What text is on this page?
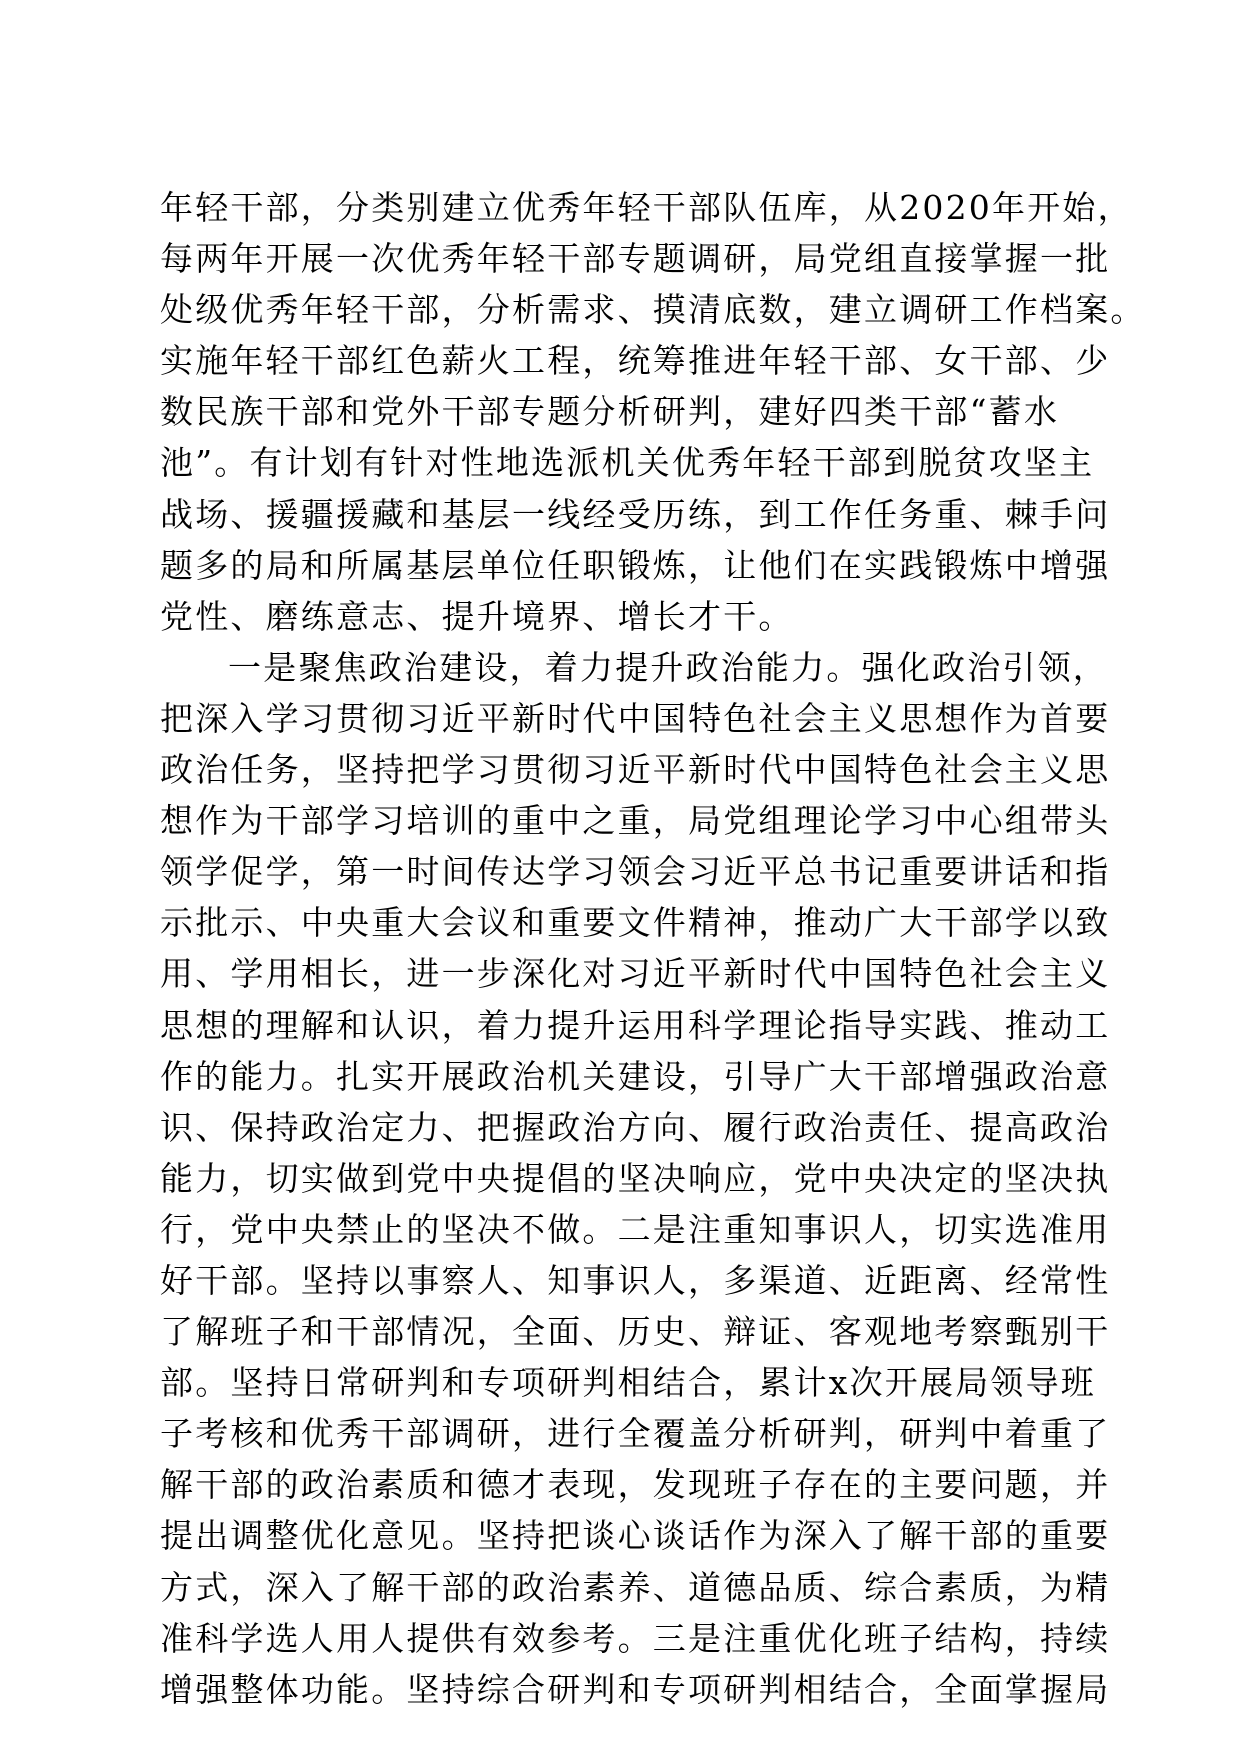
年轻干部，分类别建立优秀年轻干部队伍库，从2020年开始，
每两年开展一次优秀年轻干部专题调研，局党组直接掌握一批
处级优秀年轻干部，分析需求、摸清底数，建立调研工作档案。
实施年轻干部红色薪火工程，统筹推进年轻干部、女干部、少
数民族干部和党外干部专题分析研判，建好四类干部“蓄水
池”。有计划有针对性地选派机关优秀年轻干部到脱贫攻坚主
战场、援疆援藏和基层一线经受历练，到工作任务重、棘手问
题多的局和所属基层单位任职锻炼，让他们在实践锻炼中增强
党性、磨练意志、提升境界、增长才干。
一是聚焦政治建设，着力提升政治能力。强化政治引领，
把深入学习贯彻习近平新时代中国特色社会主义思想作为首要
政治任务，坚持把学习贯彻习近平新时代中国特色社会主义思
想作为干部学习培训的重中之重，局党组理论学习中心组带头
领学促学，第一时间传达学习领会习近平总书记重要讲话和指
示批示、中央重大会议和重要文件精神，推动广大干部学以致
用、学用相长，进一步深化对习近平新时代中国特色社会主义
思想的理解和认识，着力提升运用科学理论指导实践、推动工
作的能力。扎实开展政治机关建设，引导广大干部增强政治意
识、保持政治定力、把握政治方向、履行政治责任、提高政治
能力，切实做到党中央提倡的坚决响应，党中央决定的坚决执
行，党中央禁止的坚决不做。二是注重知事识人，切实选准用
好干部。坚持以事察人、知事识人，多渠道、近距离、经常性
了解班子和干部情况，全面、历史、辩证、客观地考察甄别干
部。坚持日常研判和专项研判相结合，累计x次开展局领导班
子考核和优秀干部调研，进行全覆盖分析研判，研判中着重了
解干部的政治素质和德才表现，发现班子存在的主要问题，并
提出调整优化意见。坚持把谈心谈话作为深入了解干部的重要
方式，深入了解干部的政治素养、道德品质、综合素质，为精
准科学选人用人提供有效参考。三是注重优化班子结构，持续
增强整体功能。坚持综合研判和专项研判相结合，全面掌握局
